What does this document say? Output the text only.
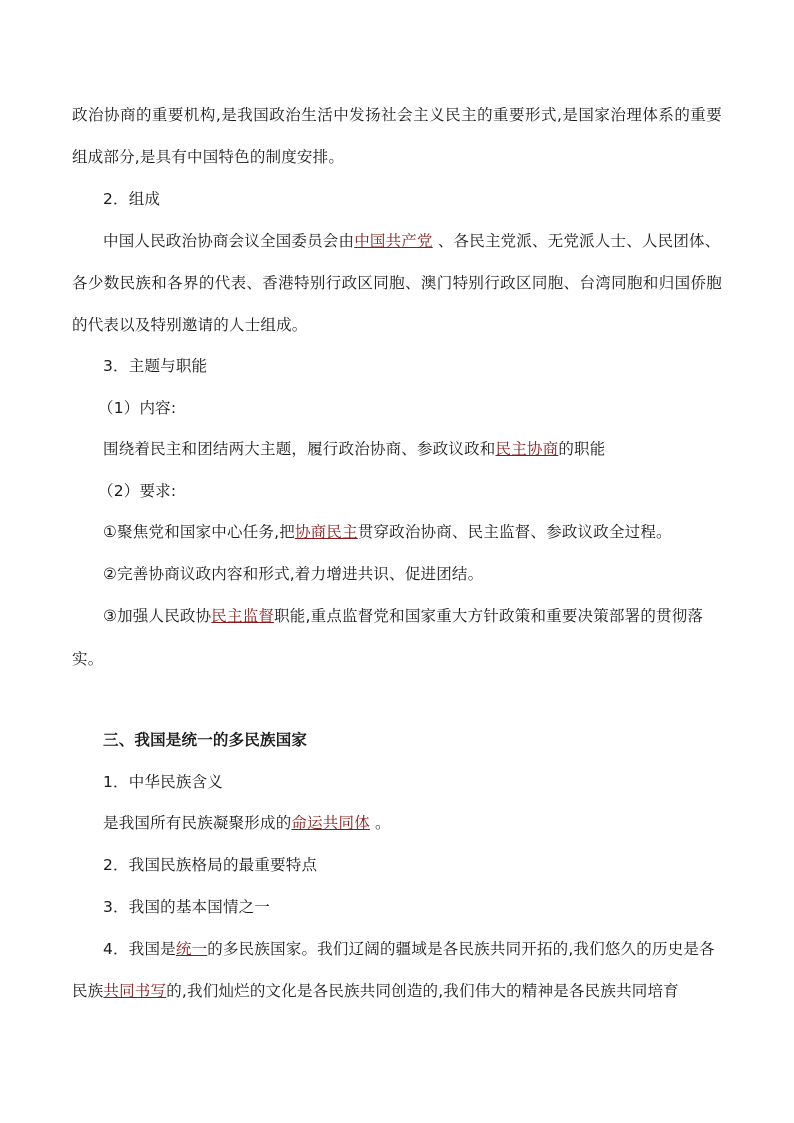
政治协商的重要机构,是我国政治生活中发扬社会主义民主的重要形式,是国家治理体系的重要
组成部分,是具有中国特色的制度安排。
2．组成
中国人民政治协商会议全国委员会由中国共产党 、各民主党派、无党派人士、人民团体、
各少数民族和各界的代表、香港特别行政区同胞、澳门特别行政区同胞、台湾同胞和归国侨胞
的代表以及特别邀请的人士组成。
3．主题与职能
（1）内容:
围绕着民主和团结两大主题，履行政治协商、参政议政和民主协商的职能
（2）要求:
①聚焦党和国家中心任务,把协商民主贯穿政治协商、民主监督、参政议政全过程。
②完善协商议政内容和形式,着力增进共识、促进团结。
③加强人民政协民主监督职能,重点监督党和国家重大方针政策和重要决策部署的贯彻落
实。
三、我国是统一的多民族国家
1．中华民族含义
是我国所有民族凝聚形成的命运共同体 。
2．我国民族格局的最重要特点
3．我国的基本国情之一
4．我国是统一的多民族国家。我们辽阔的疆域是各民族共同开拓的,我们悠久的历史是各
民族共同书写的,我们灿烂的文化是各民族共同创造的,我们伟大的精神是各民族共同培育
